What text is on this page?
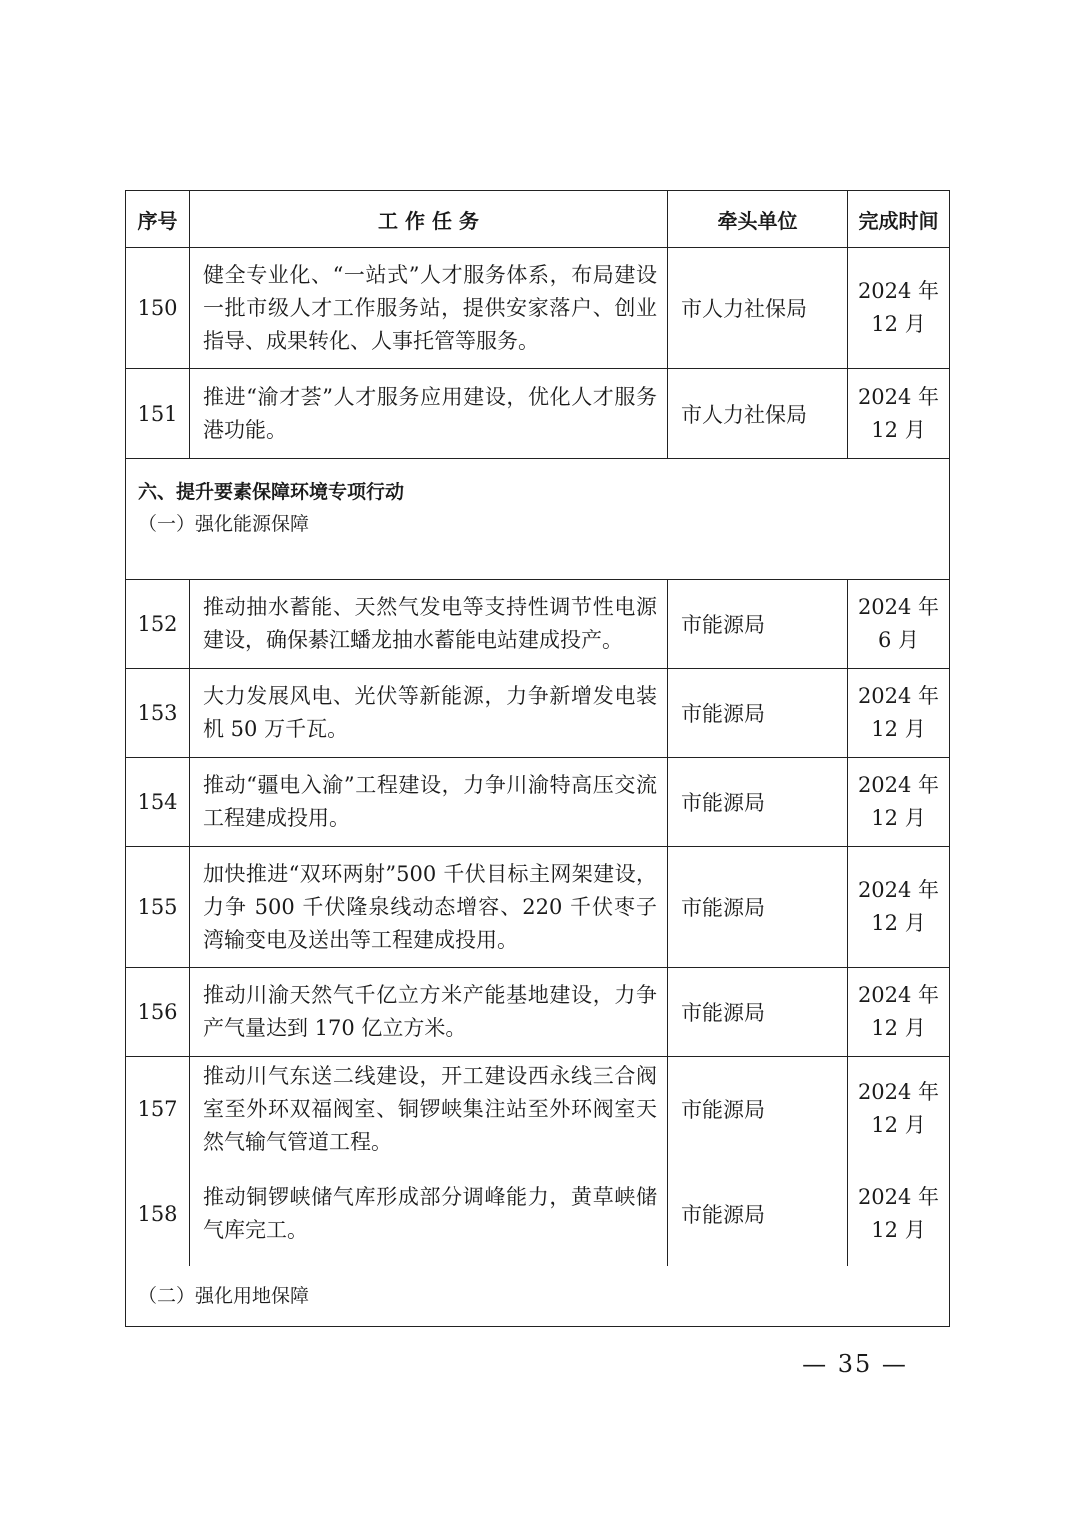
序号	工 作 任 务	牵头单位	完成时间
150	健全专业化、“一站式”人才服务体系，布局建设一批市级人才工作服务站，提供安家落户、创业指导、成果转化、人事托管等服务。	市人力社保局	2024 年
12 月
151	推进“渝才荟”人才服务应用建设，优化人才服务港功能。	市人力社保局	2024 年
12 月

六、提升要素保障环境专项行动			

（一）强化能源保障			

152	推动抽水蓄能、天然气发电等支持性调节性电源建设，确保綦江蟠龙抽水蓄能电站建成投产。	市能源局	2024 年
6 月
153	大力发展风电、光伏等新能源，力争新增发电装机 50 万千瓦。	市能源局	2024 年
12 月
154	推动“疆电入渝”工程建设，力争川渝特高压交流工程建成投用。	市能源局	2024 年
12 月
155	加快推进“双环两射”500 千伏目标主网架建设，力争 500 千伏隆泉线动态增容、220 千伏枣子湾输变电及送出等工程建成投用。	市能源局	2024 年
12 月
156	推动川渝天然气千亿立方米产能基地建设，力争产气量达到 170 亿立方米。	市能源局	2024 年
12 月
157	推动川气东送二线建设，开工建设西永线三合阀室至外环双福阀室、铜锣峡集注站至外环阀室天然气输气管道工程。	市能源局	2024 年
12 月
158	推动铜锣峡储气库形成部分调峰能力，黄草峡储气库完工。	市能源局	2024 年
12 月

（二）强化用地保障			
— 35 —
